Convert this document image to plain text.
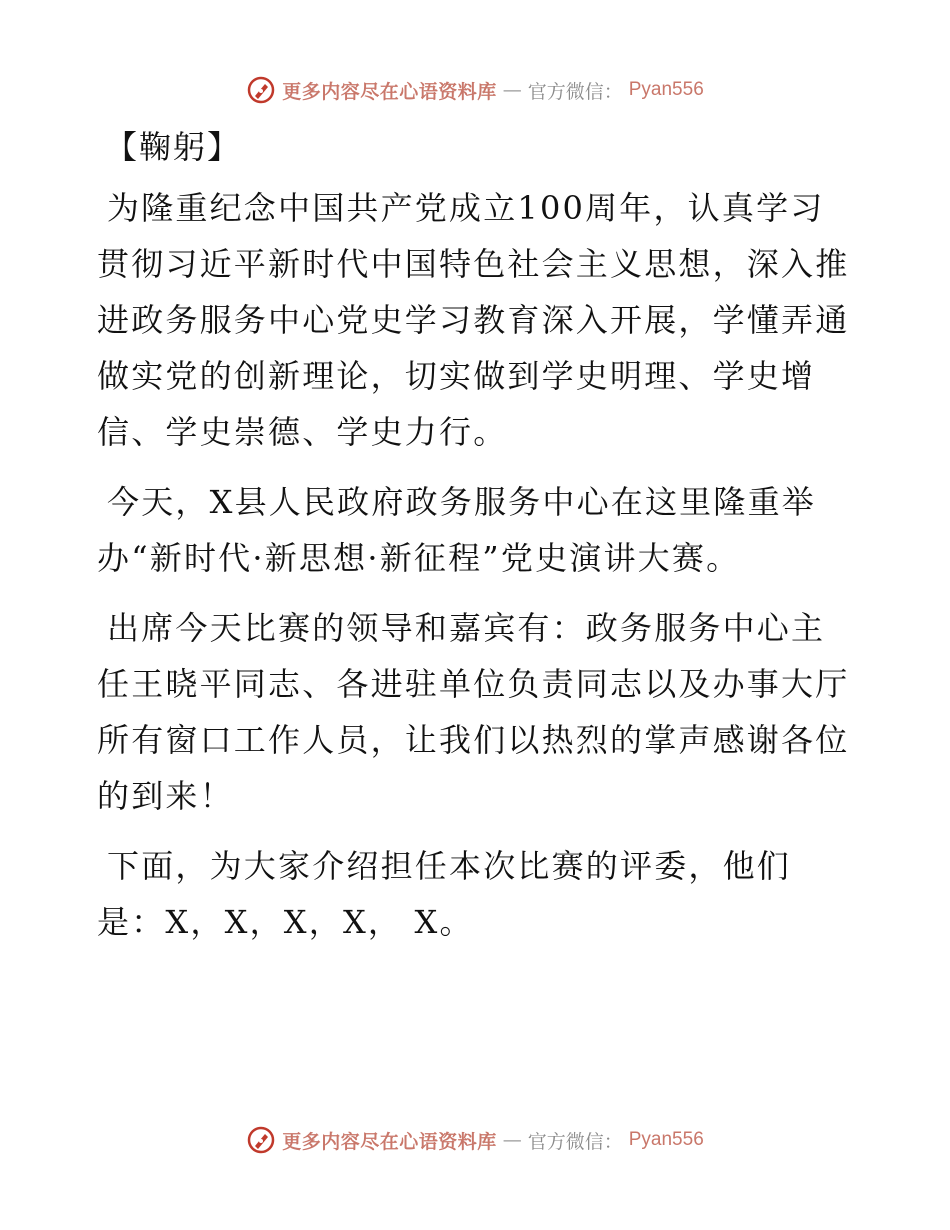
更多内容尽在心语资料库 — 官方微信： Pyan556
【鞠躬】

为隆重纪念中国共产党成立100周年，认真学习贯彻习近平新时代中国特色社会主义思想，深入推进政务服务中心党史学习教育深入开展，学懂弄通做实党的创新理论，切实做到学史明理、学史增信、学史崇德、学史力行。

今天，X县人民政府政务服务中心在这里隆重举办“新时代·新思想·新征程”党史演讲大赛。

出席今天比赛的领导和嘉宾有：政务服务中心主任王晓平同志、各进驻单位负责同志以及办事大厅所有窗口工作人员，让我们以热烈的掌声感谢各位的到来！

下面，为大家介绍担任本次比赛的评委，他们是：X，X，X，X， X。

更多内容尽在心语资料库 — 官方微信： Pyan556
